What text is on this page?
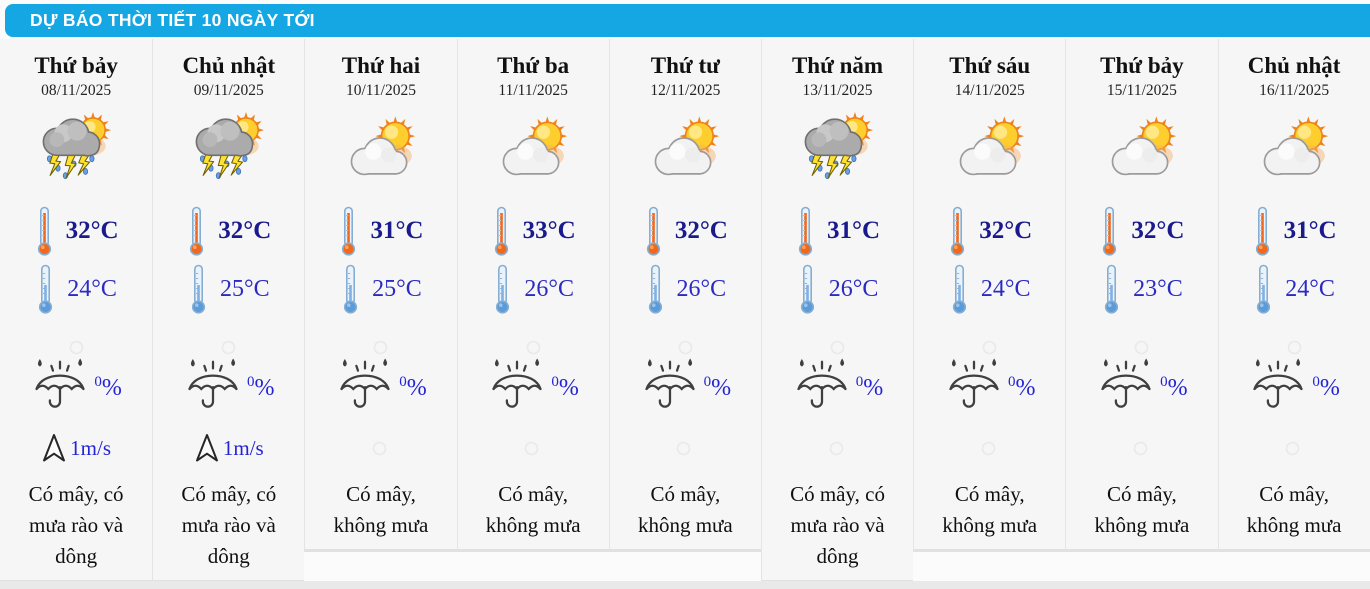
DỰ BÁO THỜI TIẾT 10 NGÀY TỚI
Thứ bảy
08/11/2025
32°C
24°C
$^0$%
1m/s
Có mây, có mưa rào và dông
Chủ nhật
09/11/2025
32°C
25°C
$^0$%
1m/s
Có mây, có mưa rào và dông
Thứ hai
10/11/2025
31°C
25°C
$^0$%
Có mây, không mưa
Thứ ba
11/11/2025
33°C
26°C
$^0$%
Có mây, không mưa
Thứ tư
12/11/2025
32°C
26°C
$^0$%
Có mây, không mưa
Thứ năm
13/11/2025
31°C
26°C
$^0$%
Có mây, có mưa rào và dông
Thứ sáu
14/11/2025
32°C
24°C
$^0$%
Có mây, không mưa
Thứ bảy
15/11/2025
32°C
23°C
$^0$%
Có mây, không mưa
Chủ nhật
16/11/2025
31°C
24°C
$^0$%
Có mây, không mưa
